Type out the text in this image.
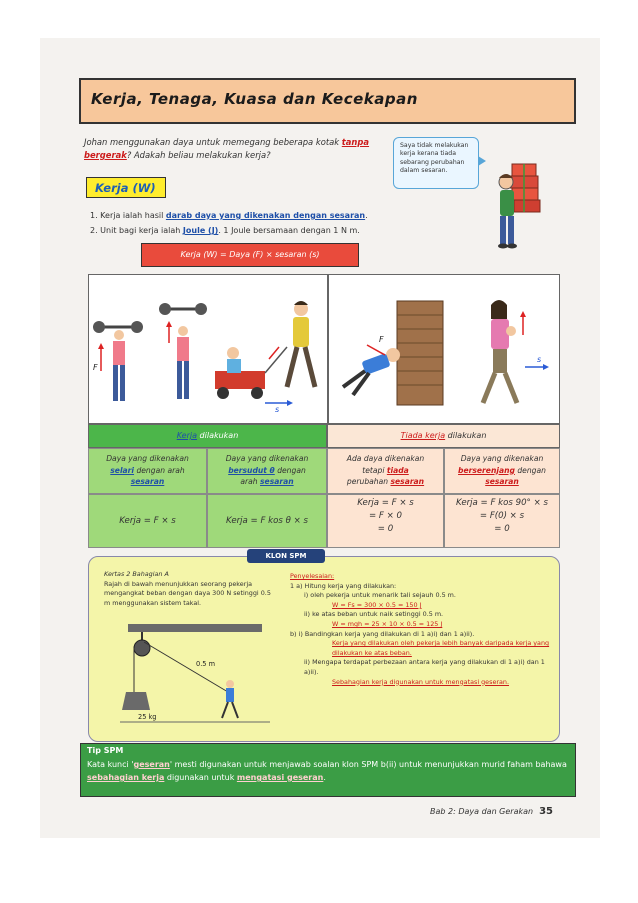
Kerja, Tenaga, Kuasa dan Kecekapan
Johan menggunakan daya untuk memegang beberapa kotak tanpa bergerak? Adakah beliau melakukan kerja?
Saya tidak melakukan kerja kerana tiada sebarang perubahan dalam sesaran.
Kerja (W)
1. Kerja ialah hasil darab daya yang dikenakan dengan sesaran.
2. Unit bagi kerja ialah Joule (J). 1 Joule bersamaan dengan 1 N m.
Kerja (W) = Daya (F) × sesaran (s)
F
s
F
s
Kerja dilakukan	Tiada kerja dilakukan
Daya yang dikenakan
selari dengan arah
sesaran
Daya yang dikenakan
bersudut θ dengan
arah sesaran
Ada daya dikenakan
tetapi tiada
perubahan sesaran
Daya yang dikenakan
berserenjang dengan
sesaran
Kerja = F × s	Kerja = F kos θ × s
Kerja = F × s
= F × 0
= 0
Kerja = F kos 90° × s
= F(0) × s
= 0
KLON SPM
Kertas 2 Bahagian A
Rajah di bawah menunjukkan seorang pekerja mengangkat beban dengan daya 300 N setinggi 0.5 m menggunakan sistem takal.
0.5 m
25 kg
Penyelesaian:
1 a) Hitung kerja yang dilakukan:
i) oleh pekerja untuk menarik tali sejauh 0.5 m.
W = Fs = 300 × 0.5 = 150 J
ii) ke atas beban untuk naik setinggi 0.5 m.
W = mgh = 25 × 10 × 0.5 = 125 J
b) i) Bandingkan kerja yang dilakukan di 1 a)i) dan 1 a)ii).
Kerja yang dilakukan oleh pekerja lebih banyak daripada kerja yang dilakukan ke atas beban.
ii) Mengapa terdapat perbezaan antara kerja yang dilakukan di 1 a)i) dan 1 a)ii).
Sebahagian kerja digunakan untuk mengatasi geseran.
Tip SPM
Kata kunci 'geseran' mesti digunakan untuk menjawab soalan klon SPM b(ii) untuk menunjukkan murid faham bahawa sebahagian kerja digunakan untuk mengatasi geseran.
Bab 2: Daya dan Gerakan 35
